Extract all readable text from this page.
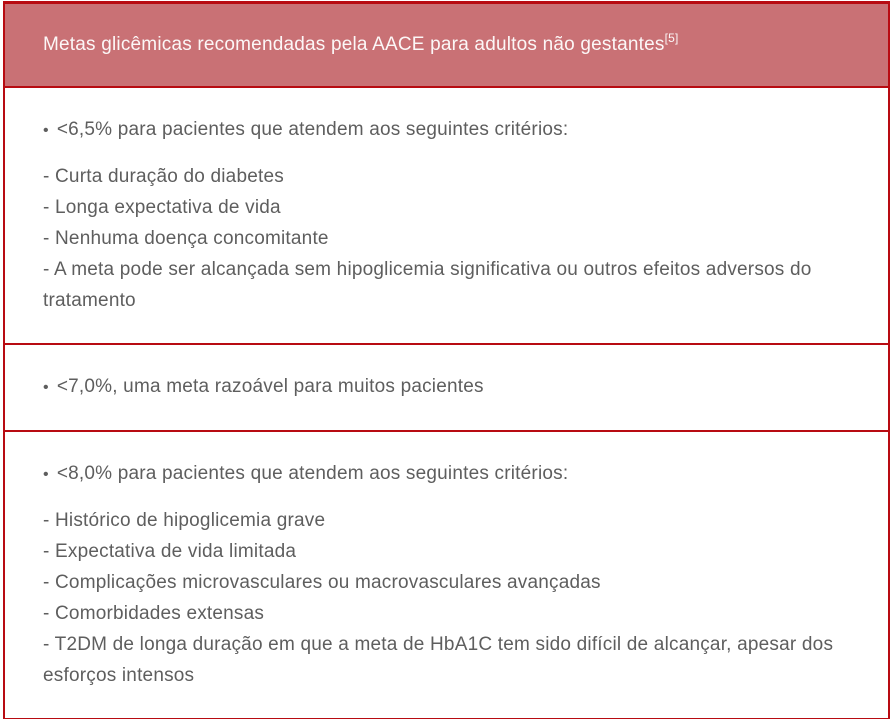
Metas glicêmicas recomendadas pela AACE para adultos não gestantes[5]

• <6,5% para pacientes que atendem aos seguintes critérios:

- Curta duração do diabetes
- Longa expectativa de vida
- Nenhuma doença concomitante
- A meta pode ser alcançada sem hipoglicemia significativa ou outros efeitos adversos do tratamento

• <7,0%, uma meta razoável para muitos pacientes

• <8,0% para pacientes que atendem aos seguintes critérios:

- Histórico de hipoglicemia grave
- Expectativa de vida limitada
- Complicações microvasculares ou macrovasculares avançadas
- Comorbidades extensas
- T2DM de longa duração em que a meta de HbA1C tem sido difícil de alcançar, apesar dos esforços intensos
